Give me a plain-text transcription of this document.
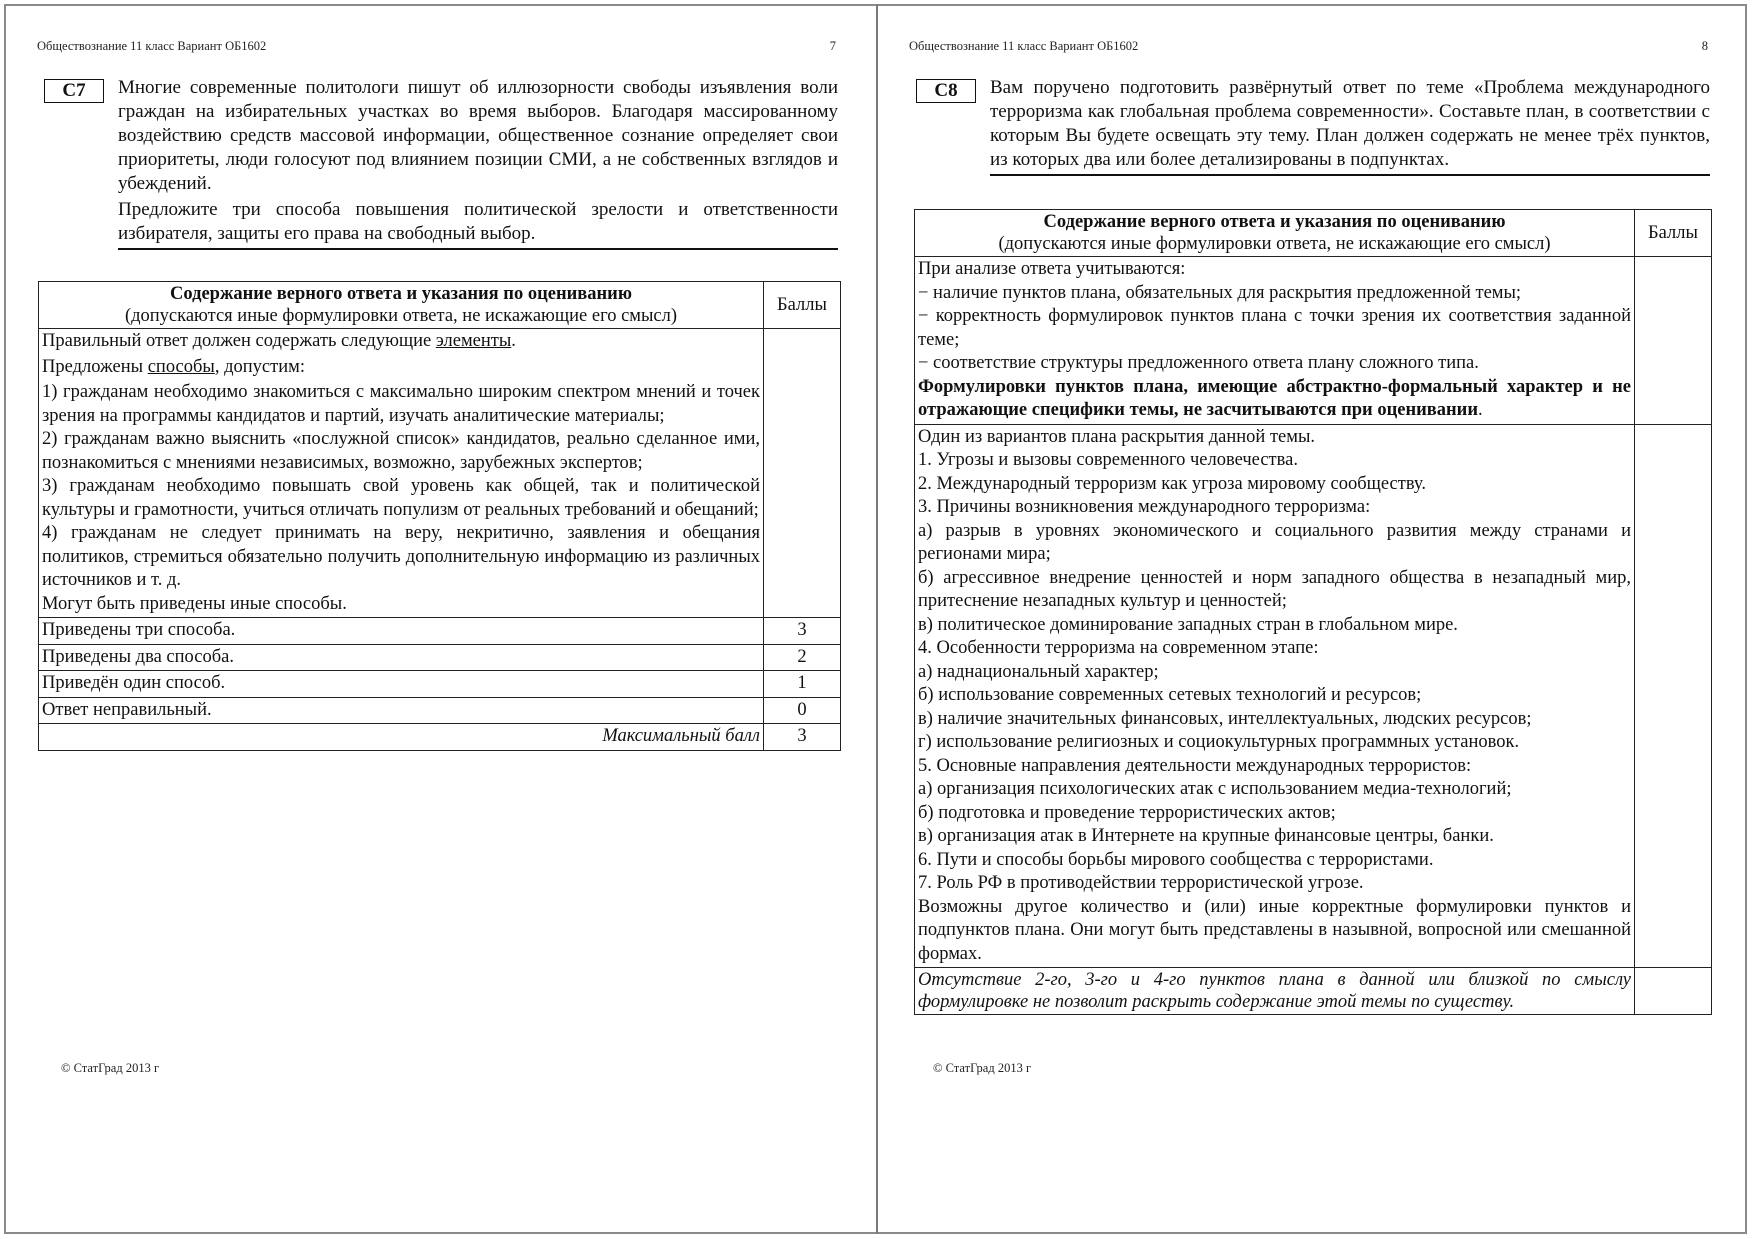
Обществознание 11 класс Вариант ОБ1602	7
C7	Многие современные политологи пишут об иллюзорности свободы изъявления воли граждан на избирательных участках во время выборов. Благодаря массированному воздействию средств массовой информации, общественное сознание определяет свои приоритеты, люди голосуют под влиянием позиции СМИ, а не собственных взглядов и убеждений.

Предложите три способа повышения политической зрелости и ответственности избирателя, защиты его права на свободный выбор.

Содержание верного ответа и указания по оцениванию
(допускаются иные формулировки ответа, не искажающие его смысл)	Баллы

Правильный ответ должен содержать следующие элементы.
Предложены способы, допустим:
1) гражданам необходимо знакомиться с максимально широким спектром мнений и точек зрения на программы кандидатов и партий, изучать аналитические материалы;
2) гражданам важно выяснить «послужной список» кандидатов, реально сделанное ими, познакомиться с мнениями независимых, возможно, зарубежных экспертов;
3) гражданам необходимо повышать свой уровень как общей, так и политической культуры и грамотности, учиться отличать популизм от реальных требований и обещаний;
4) гражданам не следует принимать на веру, некритично, заявления и обещания политиков, стремиться обязательно получить дополнительную информацию из различных источников и т. д.
Могут быть приведены иные способы.

Приведены три способа.	3
Приведены два способа.	2
Приведён один способ.	1
Ответ неправильный.	0
Максимальный балл	3
© СтатГрад 2013 г
Обществознание 11 класс Вариант ОБ1602	8
C8	Вам поручено подготовить развёрнутый ответ по теме «Проблема международного терроризма как глобальная проблема современности». Составьте план, в соответствии с которым Вы будете освещать эту тему. План должен содержать не менее трёх пунктов, из которых два или более детализированы в подпунктах.

Содержание верного ответа и указания по оцениванию
(допускаются иные формулировки ответа, не искажающие его смысл)	Баллы

При анализе ответа учитываются:
− наличие пунктов плана, обязательных для раскрытия предложенной темы;
− корректность формулировок пунктов плана с точки зрения их соответствия заданной теме;
− соответствие структуры предложенного ответа плану сложного типа.
Формулировки пунктов плана, имеющие абстрактно-формальный характер и не отражающие специфики темы, не засчитываются при оценивании.	

Один из вариантов плана раскрытия данной темы.
1. Угрозы и вызовы современного человечества.
2. Международный терроризм как угроза мировому сообществу.
3. Причины возникновения международного терроризма:
а) разрыв в уровнях экономического и социального развития между странами и регионами мира;
б) агрессивное внедрение ценностей и норм западного общества в незападный мир, притеснение незападных культур и ценностей;
в) политическое доминирование западных стран в глобальном мире.
4. Особенности терроризма на современном этапе:
а) наднациональный характер;
б) использование современных сетевых технологий и ресурсов;
в) наличие значительных финансовых, интеллектуальных, людских ресурсов;
г) использование религиозных и социокультурных программных установок.
5. Основные направления деятельности международных террористов:
а) организация психологических атак с использованием медиа-технологий;
б) подготовка и проведение террористических актов;
в) организация атак в Интернете на крупные финансовые центры, банки.
6. Пути и способы борьбы мирового сообщества с террористами.
7. Роль РФ в противодействии террористической угрозе.
Возможны другое количество и (или) иные корректные формулировки пунктов и подпунктов плана. Они могут быть представлены в назывной, вопросной или смешанной формах.

Отсутствие 2-го, 3-го и 4-го пунктов плана в данной или близкой по смыслу формулировке не позволит раскрыть содержание этой темы по существу.	
© СтатГрад 2013 г
